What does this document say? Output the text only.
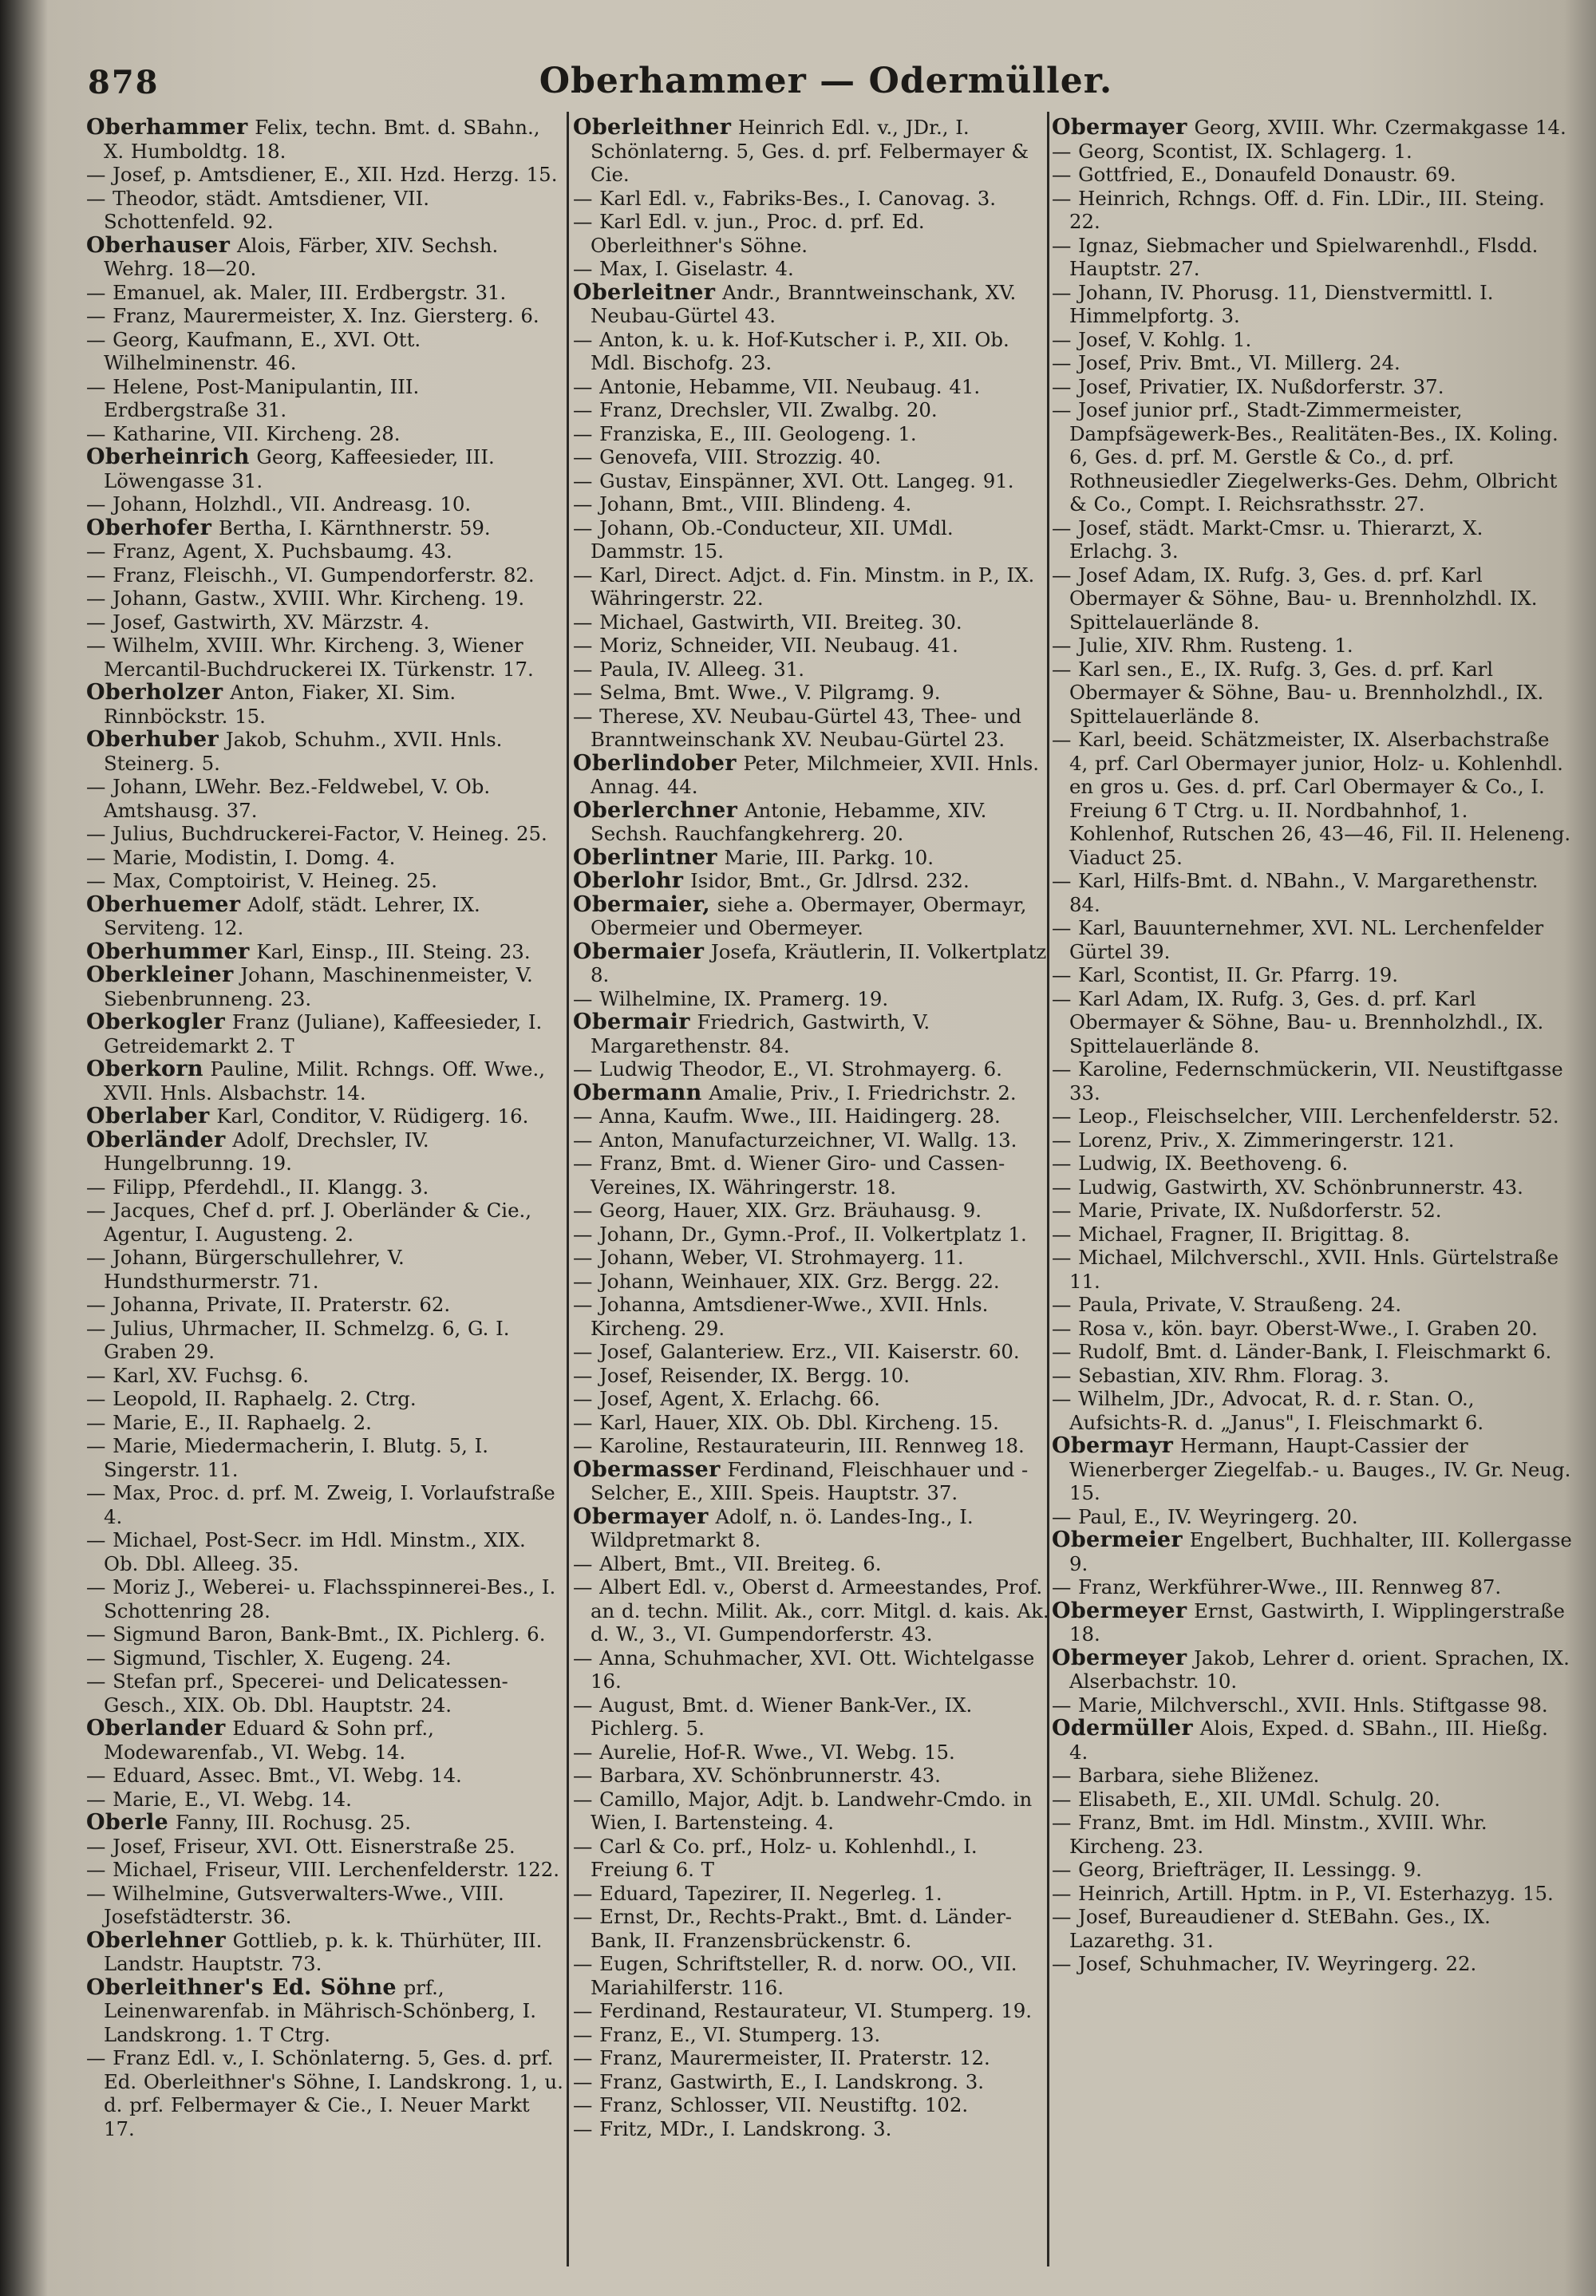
878	Oberhammer — Odermüller.
Oberhammer Felix, techn. Bmt. d. SBahn., X. Humboldtg. 18.
— Josef, p. Amtsdiener, E., XII. Hzd. Herzg. 15.
— Theodor, städt. Amtsdiener, VII. Schottenfeld. 92.
Oberhauser Alois, Färber, XIV. Sechsh. Wehrg. 18—20.
— Emanuel, ak. Maler, III. Erdbergstr. 31.
— Franz, Maurermeister, X. Inz. Giersterg. 6.
— Georg, Kaufmann, E., XVI. Ott. Wilhelminenstr. 46.
— Helene, Post-Manipulantin, III. Erdbergstraße 31.
— Katharine, VII. Kircheng. 28.
Oberheinrich Georg, Kaffeesieder, III. Löwengasse 31.
— Johann, Holzhdl., VII. Andreasg. 10.
Oberhofer Bertha, I. Kärnthnerstr. 59.
— Franz, Agent, X. Puchsbaumg. 43.
— Franz, Fleischh., VI. Gumpendorferstr. 82.
— Johann, Gastw., XVIII. Whr. Kircheng. 19.
— Josef, Gastwirth, XV. Märzstr. 4.
— Wilhelm, XVIII. Whr. Kircheng. 3, Wiener Mercantil-Buchdruckerei IX. Türkenstr. 17.
Oberholzer Anton, Fiaker, XI. Sim. Rinnböckstr. 15.
Oberhuber Jakob, Schuhm., XVII. Hnls. Steinerg. 5.
— Johann, LWehr. Bez.-Feldwebel, V. Ob. Amtshausg. 37.
— Julius, Buchdruckerei-Factor, V. Heineg. 25.
— Marie, Modistin, I. Domg. 4.
— Max, Comptoirist, V. Heineg. 25.
Oberhuemer Adolf, städt. Lehrer, IX. Serviteng. 12.
Oberhummer Karl, Einsp., III. Steing. 23.
Oberkleiner Johann, Maschinenmeister, V. Siebenbrunneng. 23.
Oberkogler Franz (Juliane), Kaffeesieder, I. Getreidemarkt 2. T
Oberkorn Pauline, Milit. Rchngs. Off. Wwe., XVII. Hnls. Alsbachstr. 14.
Oberlaber Karl, Conditor, V. Rüdigerg. 16.
Oberländer Adolf, Drechsler, IV. Hungelbrunng. 19.
— Filipp, Pferdehdl., II. Klangg. 3.
— Jacques, Chef d. prf. J. Oberländer & Cie., Agentur, I. Augusteng. 2.
— Johann, Bürgerschullehrer, V. Hundsthurmerstr. 71.
— Johanna, Private, II. Praterstr. 62.
— Julius, Uhrmacher, II. Schmelzg. 6, G. I. Graben 29.
— Karl, XV. Fuchsg. 6.
— Leopold, II. Raphaelg. 2. Ctrg.
— Marie, E., II. Raphaelg. 2.
— Marie, Miedermacherin, I. Blutg. 5, I. Singerstr. 11.
— Max, Proc. d. prf. M. Zweig, I. Vorlaufstraße 4.
— Michael, Post-Secr. im Hdl. Minstm., XIX. Ob. Dbl. Alleeg. 35.
— Moriz J., Weberei- u. Flachsspinnerei-Bes., I. Schottenring 28.
— Sigmund Baron, Bank-Bmt., IX. Pichlerg. 6.
— Sigmund, Tischler, X. Eugeng. 24.
— Stefan prf., Specerei- und Delicatessen-Gesch., XIX. Ob. Dbl. Hauptstr. 24.
Oberlander Eduard & Sohn prf., Modewarenfab., VI. Webg. 14.
— Eduard, Assec. Bmt., VI. Webg. 14.
— Marie, E., VI. Webg. 14.
Oberle Fanny, III. Rochusg. 25.
— Josef, Friseur, XVI. Ott. Eisnerstraße 25.
— Michael, Friseur, VIII. Lerchenfelderstr. 122.
— Wilhelmine, Gutsverwalters-Wwe., VIII. Josefstädterstr. 36.
Oberlehner Gottlieb, p. k. k. Thürhüter, III. Landstr. Hauptstr. 73.
Oberleithner's Ed. Söhne prf., Leinenwarenfab. in Mährisch-Schönberg, I. Landskrong. 1. T Ctrg.
— Franz Edl. v., I. Schönlaterng. 5, Ges. d. prf. Ed. Oberleithner's Söhne, I. Landskrong. 1, u. d. prf. Felbermayer & Cie., I. Neuer Markt 17.
Oberleithner Heinrich Edl. v., JDr., I. Schönlaterng. 5, Ges. d. prf. Felbermayer & Cie.
— Karl Edl. v., Fabriks-Bes., I. Canovag. 3.
— Karl Edl. v. jun., Proc. d. prf. Ed. Oberleithner's Söhne.
— Max, I. Giselastr. 4.
Oberleitner Andr., Branntweinschank, XV. Neubau-Gürtel 43.
— Anton, k. u. k. Hof-Kutscher i. P., XII. Ob. Mdl. Bischofg. 23.
— Antonie, Hebamme, VII. Neubaug. 41.
— Franz, Drechsler, VII. Zwalbg. 20.
— Franziska, E., III. Geologeng. 1.
— Genovefa, VIII. Strozzig. 40.
— Gustav, Einspänner, XVI. Ott. Langeg. 91.
— Johann, Bmt., VIII. Blindeng. 4.
— Johann, Ob.-Conducteur, XII. UMdl. Dammstr. 15.
— Karl, Direct. Adjct. d. Fin. Minstm. in P., IX. Währingerstr. 22.
— Michael, Gastwirth, VII. Breiteg. 30.
— Moriz, Schneider, VII. Neubaug. 41.
— Paula, IV. Alleeg. 31.
— Selma, Bmt. Wwe., V. Pilgramg. 9.
— Therese, XV. Neubau-Gürtel 43, Thee- und Branntweinschank XV. Neubau-Gürtel 23.
Oberlindober Peter, Milchmeier, XVII. Hnls. Annag. 44.
Oberlerchner Antonie, Hebamme, XIV. Sechsh. Rauchfangkehrerg. 20.
Oberlintner Marie, III. Parkg. 10.
Oberlohr Isidor, Bmt., Gr. Jdlrsd. 232.
Obermaier, siehe a. Obermayer, Obermayr, Obermeier und Obermeyer.
Obermaier Josefa, Kräutlerin, II. Volkertplatz 8.
— Wilhelmine, IX. Pramerg. 19.
Obermair Friedrich, Gastwirth, V. Margarethenstr. 84.
— Ludwig Theodor, E., VI. Strohmayerg. 6.
Obermann Amalie, Priv., I. Friedrichstr. 2.
— Anna, Kaufm. Wwe., III. Haidingerg. 28.
— Anton, Manufacturzeichner, VI. Wallg. 13.
— Franz, Bmt. d. Wiener Giro- und Cassen-Vereines, IX. Währingerstr. 18.
— Georg, Hauer, XIX. Grz. Bräuhausg. 9.
— Johann, Dr., Gymn.-Prof., II. Volkertplatz 1.
— Johann, Weber, VI. Strohmayerg. 11.
— Johann, Weinhauer, XIX. Grz. Bergg. 22.
— Johanna, Amtsdiener-Wwe., XVII. Hnls. Kircheng. 29.
— Josef, Galanteriew. Erz., VII. Kaiserstr. 60.
— Josef, Reisender, IX. Bergg. 10.
— Josef, Agent, X. Erlachg. 66.
— Karl, Hauer, XIX. Ob. Dbl. Kircheng. 15.
— Karoline, Restaurateurin, III. Rennweg 18.
Obermasser Ferdinand, Fleischhauer und -Selcher, E., XIII. Speis. Hauptstr. 37.
Obermayer Adolf, n. ö. Landes-Ing., I. Wildpretmarkt 8.
— Albert, Bmt., VII. Breiteg. 6.
— Albert Edl. v., Oberst d. Armeestandes, Prof. an d. techn. Milit. Ak., corr. Mitgl. d. kais. Ak. d. W., 3., VI. Gumpendorferstr. 43.
— Anna, Schuhmacher, XVI. Ott. Wichtelgasse 16.
— August, Bmt. d. Wiener Bank-Ver., IX. Pichlerg. 5.
— Aurelie, Hof-R. Wwe., VI. Webg. 15.
— Barbara, XV. Schönbrunnerstr. 43.
— Camillo, Major, Adjt. b. Landwehr-Cmdo. in Wien, I. Bartensteing. 4.
— Carl & Co. prf., Holz- u. Kohlenhdl., I. Freiung 6. T
— Eduard, Tapezirer, II. Negerleg. 1.
— Ernst, Dr., Rechts-Prakt., Bmt. d. Länder-Bank, II. Franzensbrückenstr. 6.
— Eugen, Schriftsteller, R. d. norw. OO., VII. Mariahilferstr. 116.
— Ferdinand, Restaurateur, VI. Stumperg. 19.
— Franz, E., VI. Stumperg. 13.
— Franz, Maurermeister, II. Praterstr. 12.
— Franz, Gastwirth, E., I. Landskrong. 3.
— Franz, Schlosser, VII. Neustiftg. 102.
— Fritz, MDr., I. Landskrong. 3.
Obermayer Georg, XVIII. Whr. Czermakgasse 14.
— Georg, Scontist, IX. Schlagerg. 1.
— Gottfried, E., Donaufeld Donaustr. 69.
— Heinrich, Rchngs. Off. d. Fin. LDir., III. Steing. 22.
— Ignaz, Siebmacher und Spielwarenhdl., Flsdd. Hauptstr. 27.
— Johann, IV. Phorusg. 11, Dienstvermittl. I. Himmelpfortg. 3.
— Josef, V. Kohlg. 1.
— Josef, Priv. Bmt., VI. Millerg. 24.
— Josef, Privatier, IX. Nußdorferstr. 37.
— Josef junior prf., Stadt-Zimmermeister, Dampfsägewerk-Bes., Realitäten-Bes., IX. Koling. 6, Ges. d. prf. M. Gerstle & Co., d. prf. Rothneusiedler Ziegelwerks-Ges. Dehm, Olbricht & Co., Compt. I. Reichsrathsstr. 27.
— Josef, städt. Markt-Cmsr. u. Thierarzt, X. Erlachg. 3.
— Josef Adam, IX. Rufg. 3, Ges. d. prf. Karl Obermayer & Söhne, Bau- u. Brennholzhdl. IX. Spittelauerlände 8.
— Julie, XIV. Rhm. Rusteng. 1.
— Karl sen., E., IX. Rufg. 3, Ges. d. prf. Karl Obermayer & Söhne, Bau- u. Brennholzhdl., IX. Spittelauerlände 8.
— Karl, beeid. Schätzmeister, IX. Alserbachstraße 4, prf. Carl Obermayer junior, Holz- u. Kohlenhdl. en gros u. Ges. d. prf. Carl Obermayer & Co., I. Freiung 6 T Ctrg. u. II. Nordbahnhof, 1. Kohlenhof, Rutschen 26, 43—46, Fil. II. Heleneng. Viaduct 25.
— Karl, Hilfs-Bmt. d. NBahn., V. Margarethenstr. 84.
— Karl, Bauunternehmer, XVI. NL. Lerchenfelder Gürtel 39.
— Karl, Scontist, II. Gr. Pfarrg. 19.
— Karl Adam, IX. Rufg. 3, Ges. d. prf. Karl Obermayer & Söhne, Bau- u. Brennholzhdl., IX. Spittelauerlände 8.
— Karoline, Federnschmückerin, VII. Neustiftgasse 33.
— Leop., Fleischselcher, VIII. Lerchenfelderstr. 52.
— Lorenz, Priv., X. Zimmeringerstr. 121.
— Ludwig, IX. Beethoveng. 6.
— Ludwig, Gastwirth, XV. Schönbrunnerstr. 43.
— Marie, Private, IX. Nußdorferstr. 52.
— Michael, Fragner, II. Brigittag. 8.
— Michael, Milchverschl., XVII. Hnls. Gürtelstraße 11.
— Paula, Private, V. Straußeng. 24.
— Rosa v., kön. bayr. Oberst-Wwe., I. Graben 20.
— Rudolf, Bmt. d. Länder-Bank, I. Fleischmarkt 6.
— Sebastian, XIV. Rhm. Florag. 3.
— Wilhelm, JDr., Advocat, R. d. r. Stan. O., Aufsichts-R. d. „Janus", I. Fleischmarkt 6.
Obermayr Hermann, Haupt-Cassier der Wienerberger Ziegelfab.- u. Bauges., IV. Gr. Neug. 15.
— Paul, E., IV. Weyringerg. 20.
Obermeier Engelbert, Buchhalter, III. Kollergasse 9.
— Franz, Werkführer-Wwe., III. Rennweg 87.
Obermeyer Ernst, Gastwirth, I. Wipplingerstraße 18.
Obermeyer Jakob, Lehrer d. orient. Sprachen, IX. Alserbachstr. 10.
— Marie, Milchverschl., XVII. Hnls. Stiftgasse 98.
Odermüller Alois, Exped. d. SBahn., III. Hießg. 4.
— Barbara, siehe Bliženez.
— Elisabeth, E., XII. UMdl. Schulg. 20.
— Franz, Bmt. im Hdl. Minstm., XVIII. Whr. Kircheng. 23.
— Georg, Briefträger, II. Lessingg. 9.
— Heinrich, Artill. Hptm. in P., VI. Esterhazyg. 15.
— Josef, Bureaudiener d. StEBahn. Ges., IX. Lazarethg. 31.
— Josef, Schuhmacher, IV. Weyringerg. 22.
